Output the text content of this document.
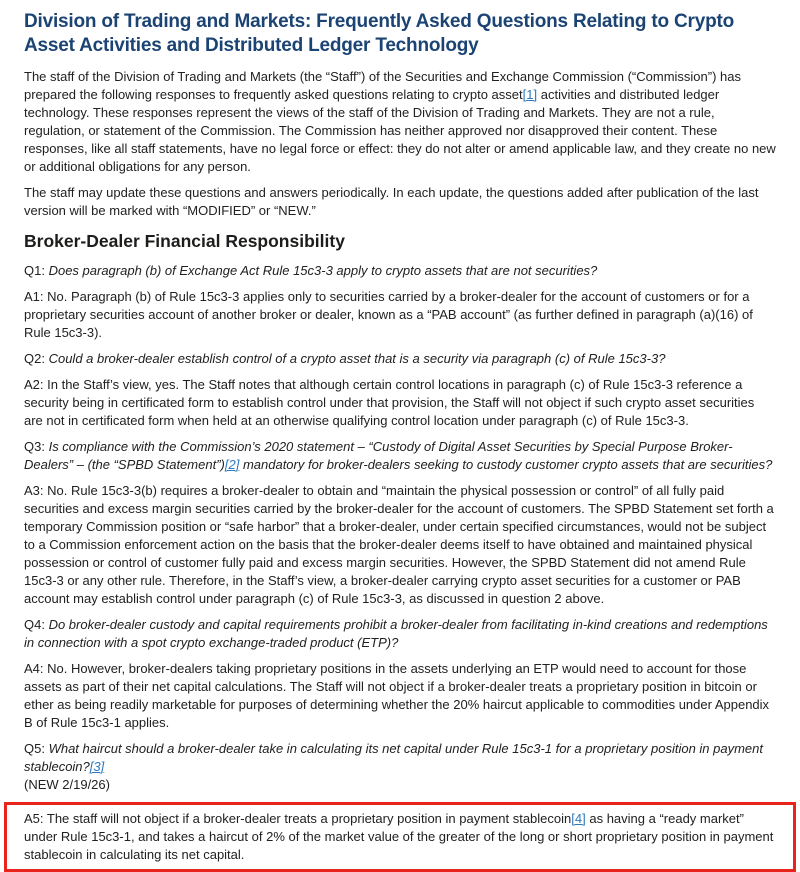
Division of Trading and Markets: Frequently Asked Questions Relating to Crypto Asset Activities and Distributed Ledger Technology

The staff of the Division of Trading and Markets (the “Staff”) of the Securities and Exchange Commission (“Commission”) has prepared the following responses to frequently asked questions relating to crypto asset[1] activities and distributed ledger technology. These responses represent the views of the staff of the Division of Trading and Markets. They are not a rule, regulation, or statement of the Commission. The Commission has neither approved nor disapproved their content. These responses, like all staff statements, have no legal force or effect: they do not alter or amend applicable law, and they create no new or additional obligations for any person.

The staff may update these questions and answers periodically. In each update, the questions added after publication of the last version will be marked with “MODIFIED” or “NEW.”

Broker-Dealer Financial Responsibility

Q1: Does paragraph (b) of Exchange Act Rule 15c3-3 apply to crypto assets that are not securities?

A1: No. Paragraph (b) of Rule 15c3-3 applies only to securities carried by a broker-dealer for the account of customers or for a proprietary securities account of another broker or dealer, known as a “PAB account” (as further defined in paragraph (a)(16) of Rule 15c3-3).

Q2: Could a broker-dealer establish control of a crypto asset that is a security via paragraph (c) of Rule 15c3-3?

A2: In the Staff’s view, yes. The Staff notes that although certain control locations in paragraph (c) of Rule 15c3-3 reference a security being in certificated form to establish control under that provision, the Staff will not object if such crypto asset securities are not in certificated form when held at an otherwise qualifying control location under paragraph (c) of Rule 15c3-3.

Q3: Is compliance with the Commission’s 2020 statement – “Custody of Digital Asset Securities by Special Purpose Broker-Dealers” – (the “SPBD Statement”)[2] mandatory for broker-dealers seeking to custody customer crypto assets that are securities?

A3: No. Rule 15c3-3(b) requires a broker-dealer to obtain and “maintain the physical possession or control” of all fully paid securities and excess margin securities carried by the broker-dealer for the account of customers. The SPBD Statement set forth a temporary Commission position or “safe harbor” that a broker-dealer, under certain specified circumstances, would not be subject to a Commission enforcement action on the basis that the broker-dealer deems itself to have obtained and maintained physical possession or control of customer fully paid and excess margin securities. However, the SPBD Statement did not amend Rule 15c3-3 or any other rule. Therefore, in the Staff’s view, a broker-dealer carrying crypto asset securities for a customer or PAB account may establish control under paragraph (c) of Rule 15c3-3, as discussed in question 2 above.

Q4: Do broker-dealer custody and capital requirements prohibit a broker-dealer from facilitating in-kind creations and redemptions in connection with a spot crypto exchange-traded product (ETP)?

A4: No. However, broker-dealers taking proprietary positions in the assets underlying an ETP would need to account for those assets as part of their net capital calculations. The Staff will not object if a broker-dealer treats a proprietary position in bitcoin or ether as being readily marketable for purposes of determining whether the 20% haircut applicable to commodities under Appendix B of Rule 15c3-1 applies.

Q5: What haircut should a broker-dealer take in calculating its net capital under Rule 15c3-1 for a proprietary position in payment stablecoin?[3]

(NEW 2/19/26)

A5: The staff will not object if a broker-dealer treats a proprietary position in payment stablecoin[4] as having a “ready market” under Rule 15c3-1, and takes a haircut of 2% of the market value of the greater of the long or short proprietary position in payment stablecoin in calculating its net capital.
